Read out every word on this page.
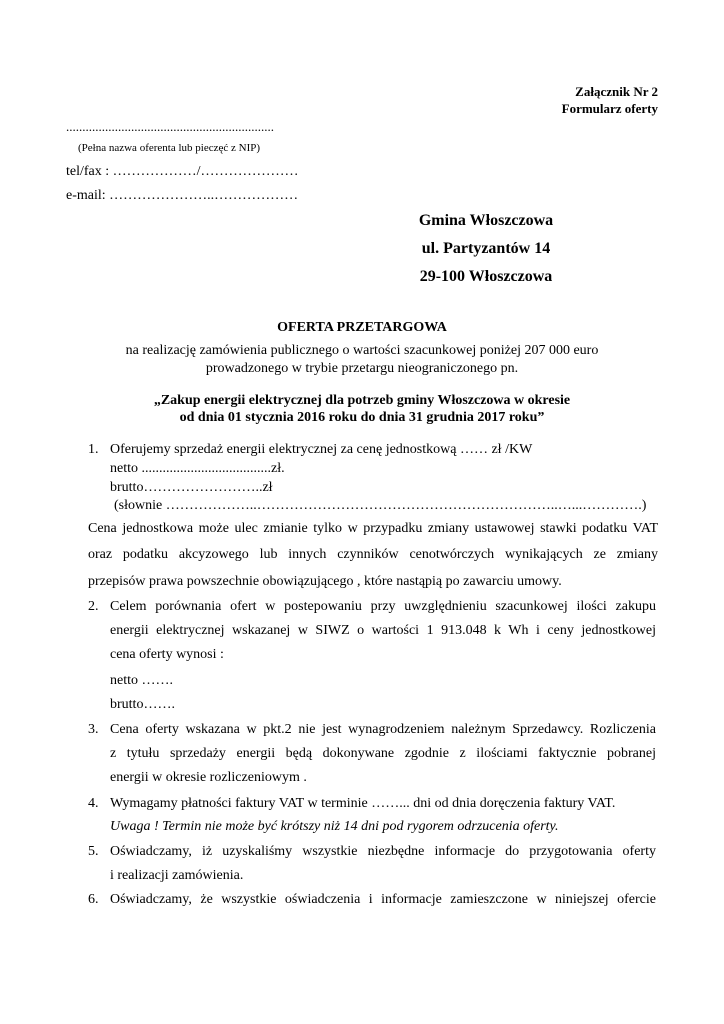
Załącznik Nr 2
Formularz oferty
................................................................
(Pełna nazwa oferenta lub pieczęć z NIP)
tel/fax : ………………/…………………
e-mail: …………………..………………
Gmina Włoszczowa
ul. Partyzantów 14
29-100 Włoszczowa
OFERTA PRZETARGOWA
na realizację zamówienia publicznego o wartości szacunkowej poniżej 207 000 euro
prowadzonego w trybie przetargu nieograniczonego pn.
„Zakup energii elektrycznej dla potrzeb gminy Włoszczowa w okresie
od dnia 01 stycznia 2016 roku do dnia 31 grudnia 2017 roku”
1. Oferujemy sprzedaż energii elektrycznej za cenę jednostkową …… zł /KW
netto .....................................zł.
brutto……………………..zł
(słownie ………………..………………………………………………………..…...………….)
Cena jednostkowa może ulec zmianie tylko w przypadku zmiany ustawowej stawki podatku VAT
oraz podatku akcyzowego lub innych czynników cenotwórczych wynikających ze zmiany
przepisów prawa powszechnie obowiązującego , które nastąpią po zawarciu umowy.
2. Celem porównania ofert w postepowaniu przy uwzględnieniu szacunkowej ilości zakupu
energii elektrycznej wskazanej w SIWZ o wartości 1 913.048 k Wh i ceny jednostkowej
cena oferty wynosi :
netto …….
brutto…….
3. Cena oferty wskazana w pkt.2 nie jest wynagrodzeniem należnym Sprzedawcy. Rozliczenia
z tytułu sprzedaży energii będą dokonywane zgodnie z ilościami faktycznie pobranej
energii w okresie rozliczeniowym .
4. Wymagamy płatności faktury VAT w terminie ……... dni od dnia doręczenia faktury VAT.
Uwaga ! Termin nie może być krótszy niż 14 dni pod rygorem odrzucenia oferty.
5. Oświadczamy, iż uzyskaliśmy wszystkie niezbędne informacje do przygotowania oferty
i realizacji zamówienia.
6. Oświadczamy, że wszystkie oświadczenia i informacje zamieszczone w niniejszej ofercie
